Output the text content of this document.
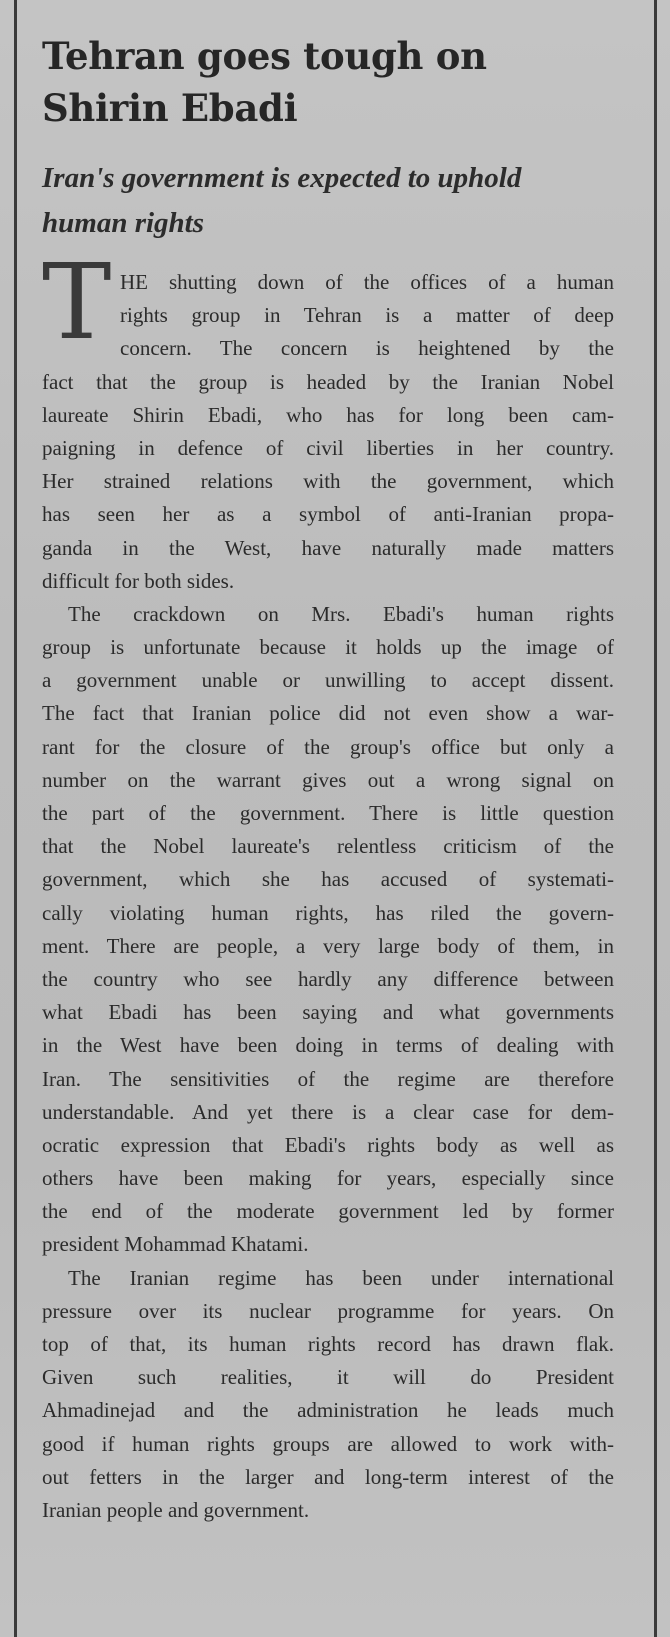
Tehran goes tough on
Shirin Ebadi
Iran's government is expected to uphold
human rights
T HE shutting down of the offices of a human
rights group in Tehran is a matter of deep
concern. The concern is heightened by the
fact that the group is headed by the Iranian Nobel
laureate Shirin Ebadi, who has for long been cam-
paigning in defence of civil liberties in her country.
Her strained relations with the government, which
has seen her as a symbol of anti-Iranian propa-
ganda in the West, have naturally made matters
difficult for both sides.
The crackdown on Mrs. Ebadi's human rights
group is unfortunate because it holds up the image of
a government unable or unwilling to accept dissent.
The fact that Iranian police did not even show a war-
rant for the closure of the group's office but only a
number on the warrant gives out a wrong signal on
the part of the government. There is little question
that the Nobel laureate's relentless criticism of the
government, which she has accused of systemati-
cally violating human rights, has riled the govern-
ment. There are people, a very large body of them, in
the country who see hardly any difference between
what Ebadi has been saying and what governments
in the West have been doing in terms of dealing with
Iran. The sensitivities of the regime are therefore
understandable. And yet there is a clear case for dem-
ocratic expression that Ebadi's rights body as well as
others have been making for years, especially since
the end of the moderate government led by former
president Mohammad Khatami.
The Iranian regime has been under international
pressure over its nuclear programme for years. On
top of that, its human rights record has drawn flak.
Given such realities, it will do President
Ahmadinejad and the administration he leads much
good if human rights groups are allowed to work with-
out fetters in the larger and long-term interest of the
Iranian people and government.
